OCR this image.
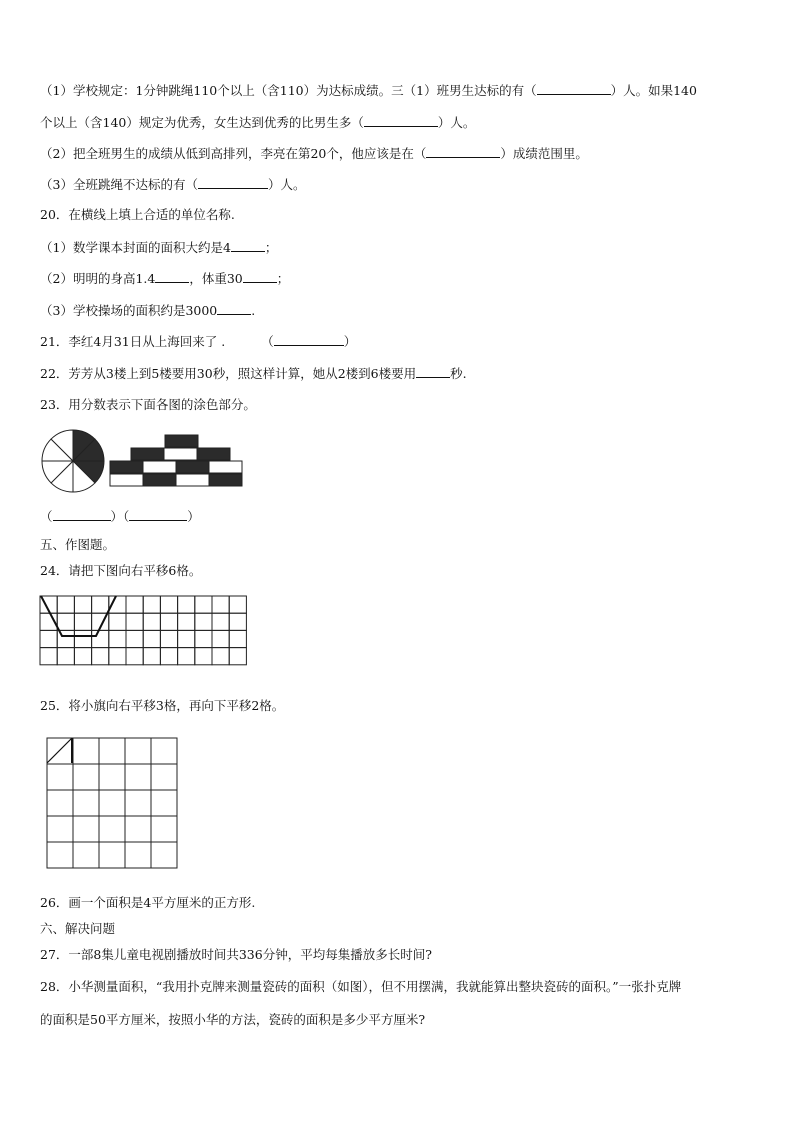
（1）学校规定：1分钟跳绳110个以上（含110）为达标成绩。三（1）班男生达标的有（	）人。如果140
个以上（含140）规定为优秀，女生达到优秀的比男生多（	）人。
（2）把全班男生的成绩从低到高排列，李亮在第20个，他应该是在（	）成绩范围里。
（3）全班跳绳不达标的有（	）人。
20．在横线上填上合适的单位名称.
（1）数学课本封面的面积大约是4	；
（2）明明的身高1.4	，体重30	；
（3）学校操场的面积约是3000	.
21．李红4月31日从上海回来了 .	（	）
22．芳芳从3楼上到5楼要用30秒，照这样计算，她从2楼到6楼要用	秒.
23．用分数表示下面各图的涂色部分。
（	）（	）
五、作图题。
24．请把下图向右平移6格。
25．将小旗向右平移3格，再向下平移2格。
26．画一个面积是4平方厘米的正方形.
六、解决问题
27．一部8集儿童电视剧播放时间共336分钟，平均每集播放多长时间?
28．小华测量面积，“我用扑克牌来测量瓷砖的面积（如图），但不用摆满，我就能算出整块瓷砖的面积。”一张扑克牌
的面积是50平方厘米，按照小华的方法，瓷砖的面积是多少平方厘米?
